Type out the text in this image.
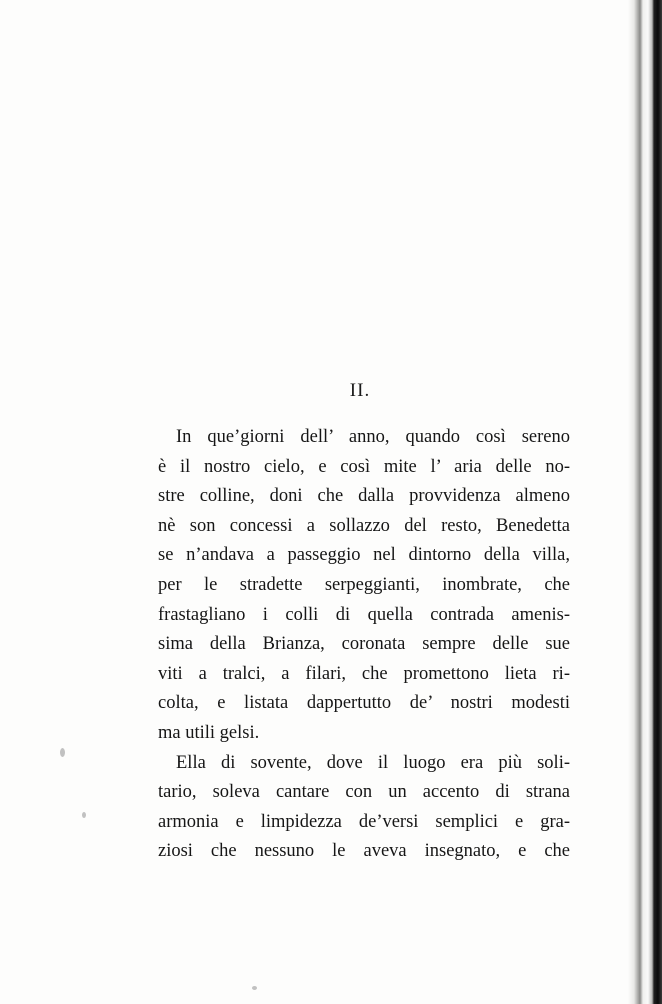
II.
In que’giorni dell’ anno, quando così sereno
è il nostro cielo, e così mite l’ aria delle no-
stre colline, doni che dalla provvidenza almeno
nè son concessi a sollazzo del resto, Benedetta
se n’andava a passeggio nel dintorno della villa,
per le stradette serpeggianti, inombrate, che
frastagliano i colli di quella contrada amenis-
sima della Brianza, coronata sempre delle sue
viti a tralci, a filari, che promettono lieta ri-
colta, e listata dappertutto de’ nostri modesti
ma utili gelsi.
Ella di sovente, dove il luogo era più soli-
tario, soleva cantare con un accento di strana
armonia e limpidezza de’versi semplici e gra-
ziosi che nessuno le aveva insegnato, e che
